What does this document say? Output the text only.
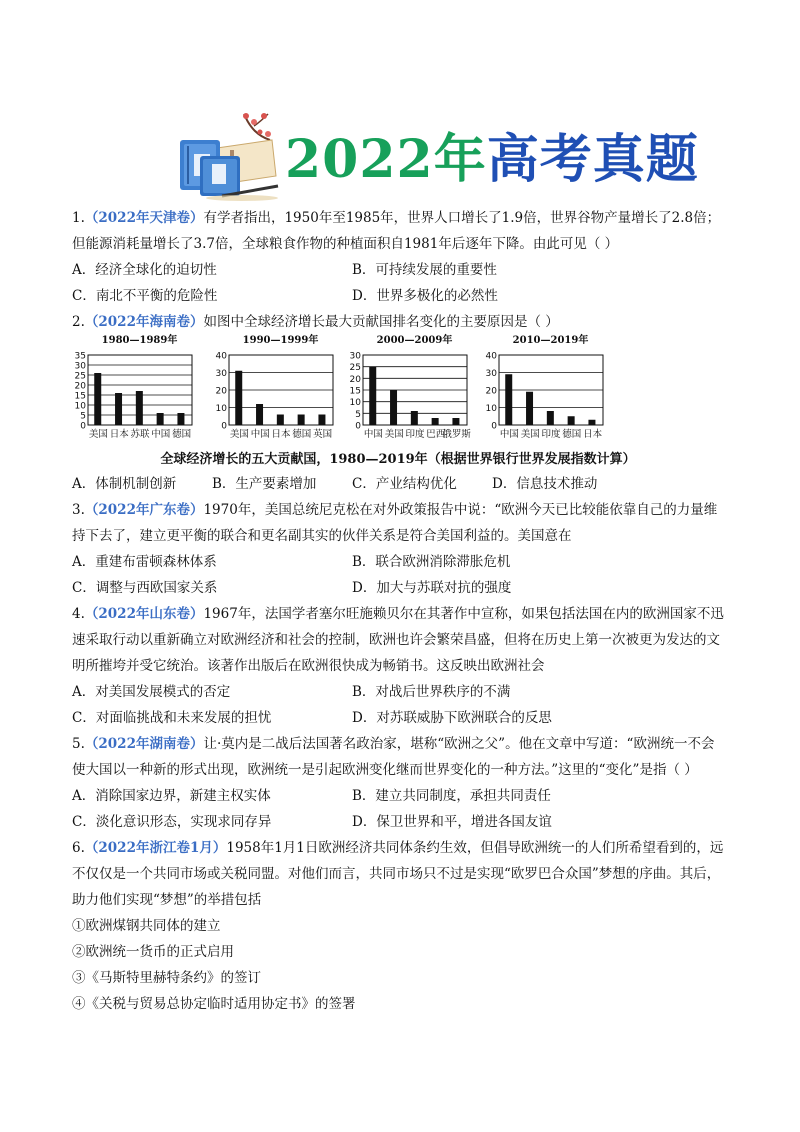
2022年高考真题

1.（2022年天津卷）有学者指出，1950年至1985年，世界人口增长了1.9倍，世界谷物产量增长了2.8倍；但能源消耗量增长了3.7倍，全球粮食作物的种植面积自1981年后逐年下降。由此可见（ ）

A．经济全球化的迫切性	B．可持续发展的重要性
C．南北不平衡的危险性	D．世界多极化的必然性

2.（2022年海南卷）如图中全球经济增长最大贡献国排名变化的主要原因是（ ）

1980—1989年
35
30
25
20
15
10
5
0
美国 日本 苏联 中国 德国
1990—1999年
40
30
20
10
0
美国 中国 日本 德国 英国
2000—2009年
30
25
20
15
10
5
0
中国 美国 印度 巴西
俄罗斯
2010—2019年
40
30
20
10
0
中国 美国 印度 德国 日本
全球经济增长的五大贡献国，1980—2019年（根据世界银行世界发展指数计算）
A．体制机制创新	B．生产要素增加	C．产业结构优化	D．信息技术推动

3.（2022年广东卷）1970年，美国总统尼克松在对外政策报告中说：“欧洲今天已比较能依靠自己的力量维持下去了，建立更平衡的联合和更名副其实的伙伴关系是符合美国利益的。美国意在

A．重建布雷顿森林体系	B．联合欧洲消除滞胀危机
C．调整与西欧国家关系	D．加大与苏联对抗的强度

4.（2022年山东卷）1967年，法国学者塞尔旺施赖贝尔在其著作中宣称，如果包括法国在内的欧洲国家不迅速采取行动以重新确立对欧洲经济和社会的控制，欧洲也许会繁荣昌盛，但将在历史上第一次被更为发达的文明所摧垮并受它统治。该著作出版后在欧洲很快成为畅销书。这反映出欧洲社会

A．对美国发展模式的否定	B．对战后世界秩序的不满
C．对面临挑战和未来发展的担忧	D．对苏联威胁下欧洲联合的反思

5.（2022年湖南卷）让·莫内是二战后法国著名政治家，堪称“欧洲之父”。他在文章中写道：“欧洲统一不会使大国以一种新的形式出现，欧洲统一是引起欧洲变化继而世界变化的一种方法。”这里的“变化”是指（ ）

A．消除国家边界，新建主权实体	B．建立共同制度，承担共同责任
C．淡化意识形态，实现求同存异	D．保卫世界和平，增进各国友谊

6.（2022年浙江卷1月）1958年1月1日欧洲经济共同体条约生效，但倡导欧洲统一的人们所希望看到的，远不仅仅是一个共同市场或关税同盟。对他们而言，共同市场只不过是实现“欧罗巴合众国”梦想的序曲。其后，助力他们实现“梦想”的举措包括

①欧洲煤钢共同体的建立
②欧洲统一货币的正式启用
③《马斯特里赫特条约》的签订
④《关税与贸易总协定临时适用协定书》的签署
